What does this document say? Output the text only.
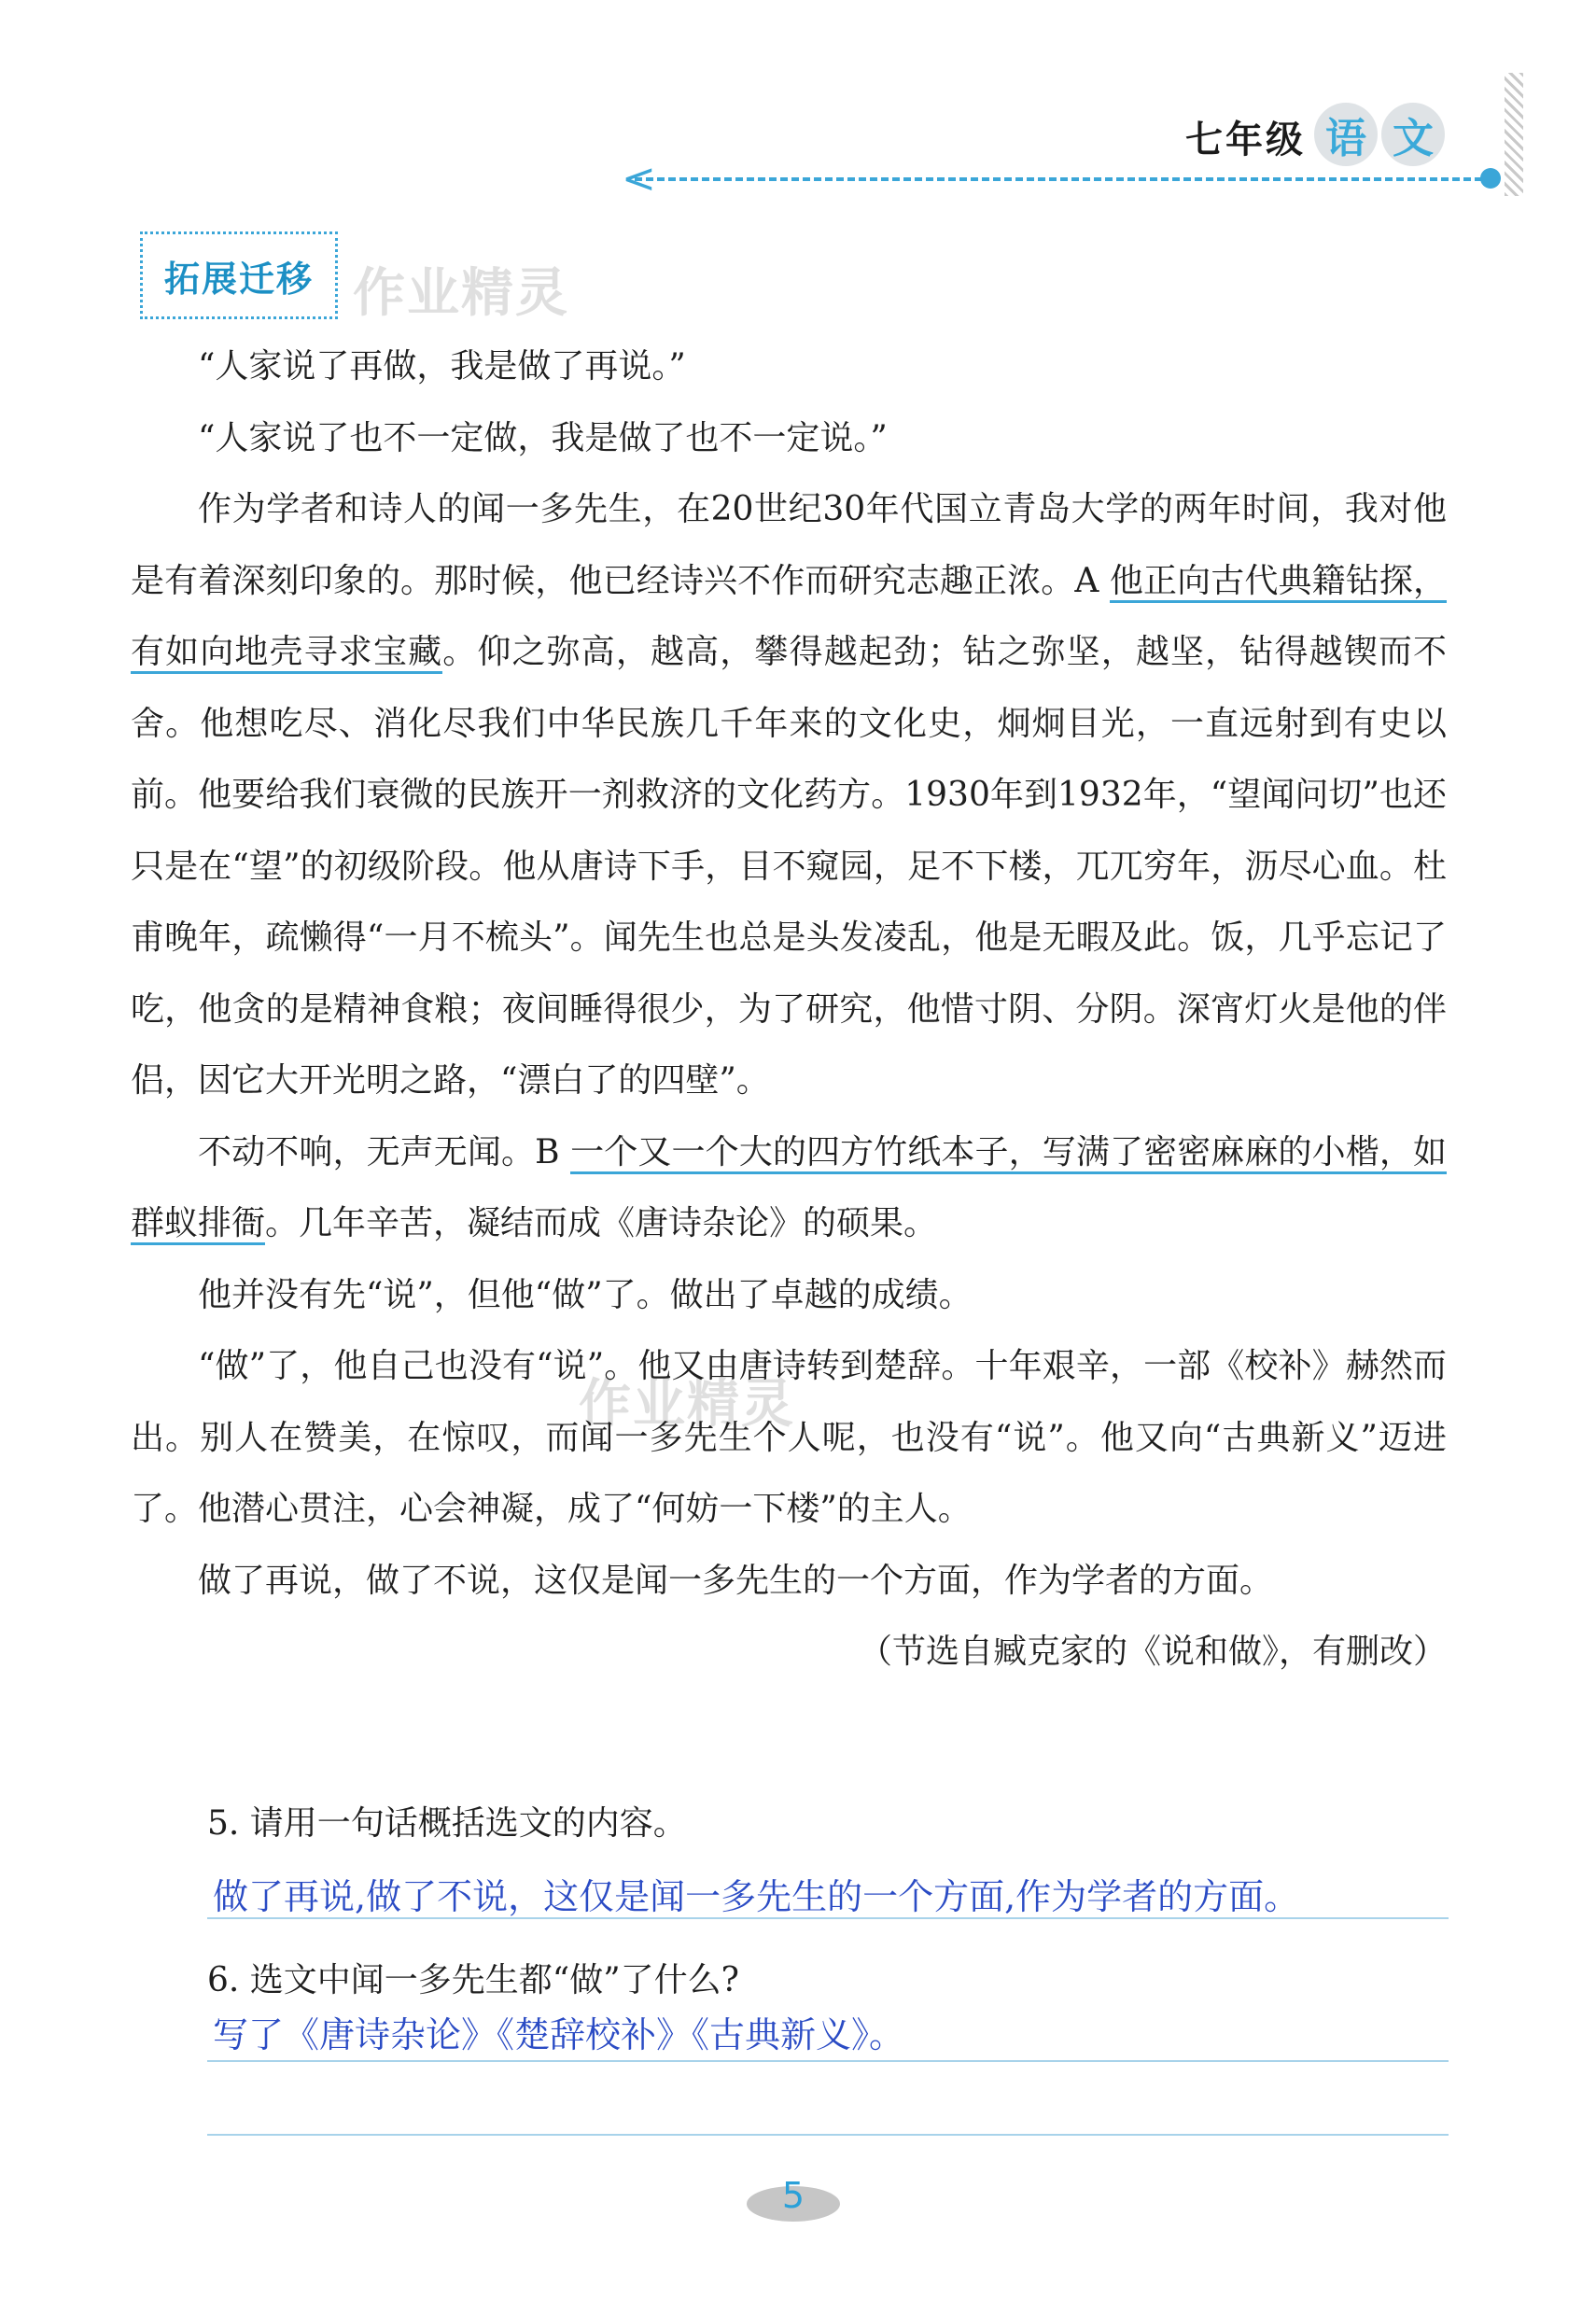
七年级 语 文
<
拓展迁移 作业精灵
作业精灵

“人家说了再做，我是做了再说。”

“人家说了也不一定做，我是做了也不一定说。”

作为学者和诗人的闻一多先生，在20世纪30年代国立青岛大学的两年时间，我对他是有着深刻印象的。那时候，他已经诗兴不作而研究志趣正浓。A 他正向古代典籍钻探，有如向地壳寻求宝藏。仰之弥高，越高，攀得越起劲；钻之弥坚，越坚，钻得越锲而不舍。他想吃尽、消化尽我们中华民族几千年来的文化史，炯炯目光，一直远射到有史以前。他要给我们衰微的民族开一剂救济的文化药方。1930年到1932年，“望闻问切”也还只是在“望”的初级阶段。他从唐诗下手，目不窥园，足不下楼，兀兀穷年，沥尽心血。杜甫晚年，疏懒得“一月不梳头”。闻先生也总是头发凌乱，他是无暇及此。饭，几乎忘记了吃，他贪的是精神食粮；夜间睡得很少，为了研究，他惜寸阴、分阴。深宵灯火是他的伴侣，因它大开光明之路，“漂白了的四壁”。

不动不响，无声无闻。B 一个又一个大的四方竹纸本子，写满了密密麻麻的小楷，如群蚁排衙。几年辛苦，凝结而成《唐诗杂论》的硕果。

他并没有先“说”，但他“做”了。做出了卓越的成绩。

“做”了，他自己也没有“说”。他又由唐诗转到楚辞。十年艰辛，一部《校补》赫然而出。别人在赞美，在惊叹，而闻一多先生个人呢，也没有“说”。他又向“古典新义”迈进了。他潜心贯注，心会神凝，成了“何妨一下楼”的主人。

做了再说，做了不说，这仅是闻一多先生的一个方面，作为学者的方面。

（节选自臧克家的《说和做》，有删改）

5. 请用一句话概括选文的内容。
做了再说,做了不说，这仅是闻一多先生的一个方面,作为学者的方面。
6. 选文中闻一多先生都“做”了什么?
写了《唐诗杂论》《楚辞校补》《古典新义》。
5
